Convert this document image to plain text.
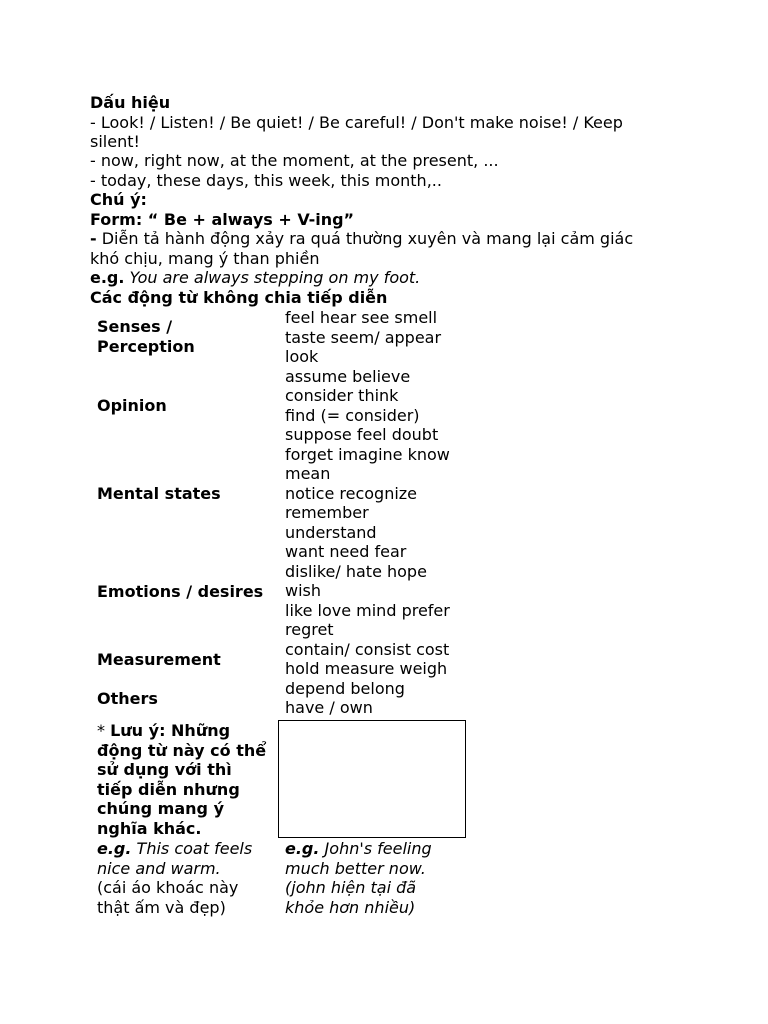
Dấu hiệu
- Look! / Listen! / Be quiet! / Be careful! / Don't make noise! / Keep
silent!
- now, right now, at the moment, at the present, ...
- today, these days, this week, this month,..
Chú ý:
Form: “ Be + always + V-ing”
- Diễn tả hành động xảy ra quá thường xuyên và mang lại cảm giác
khó chịu, mang ý than phiền
e.g. You are always stepping on my foot.
Các động từ không chia tiếp diễn
Senses /
Perception
Opinion
Mental states
Emotions / desires
Measurement
Others
feel hear see smell
taste seem/ appear
look
assume believe
consider think
find (= consider)
suppose feel doubt
forget imagine know
mean
notice recognize
remember
understand
want need fear
dislike/ hate hope
wish
like love mind prefer
regret
contain/ consist cost
hold measure weigh
depend belong
have / own
* Lưu ý: Những
động từ này có thể
sử dụng với thì
tiếp diễn nhưng
chúng mang ý
nghĩa khác.
e.g. This coat feels
nice and warm.
(cái áo khoác này
thật ấm và đẹp)
e.g. John's feeling
much better now.
(john hiện tại đã
khỏe hơn nhiều)
